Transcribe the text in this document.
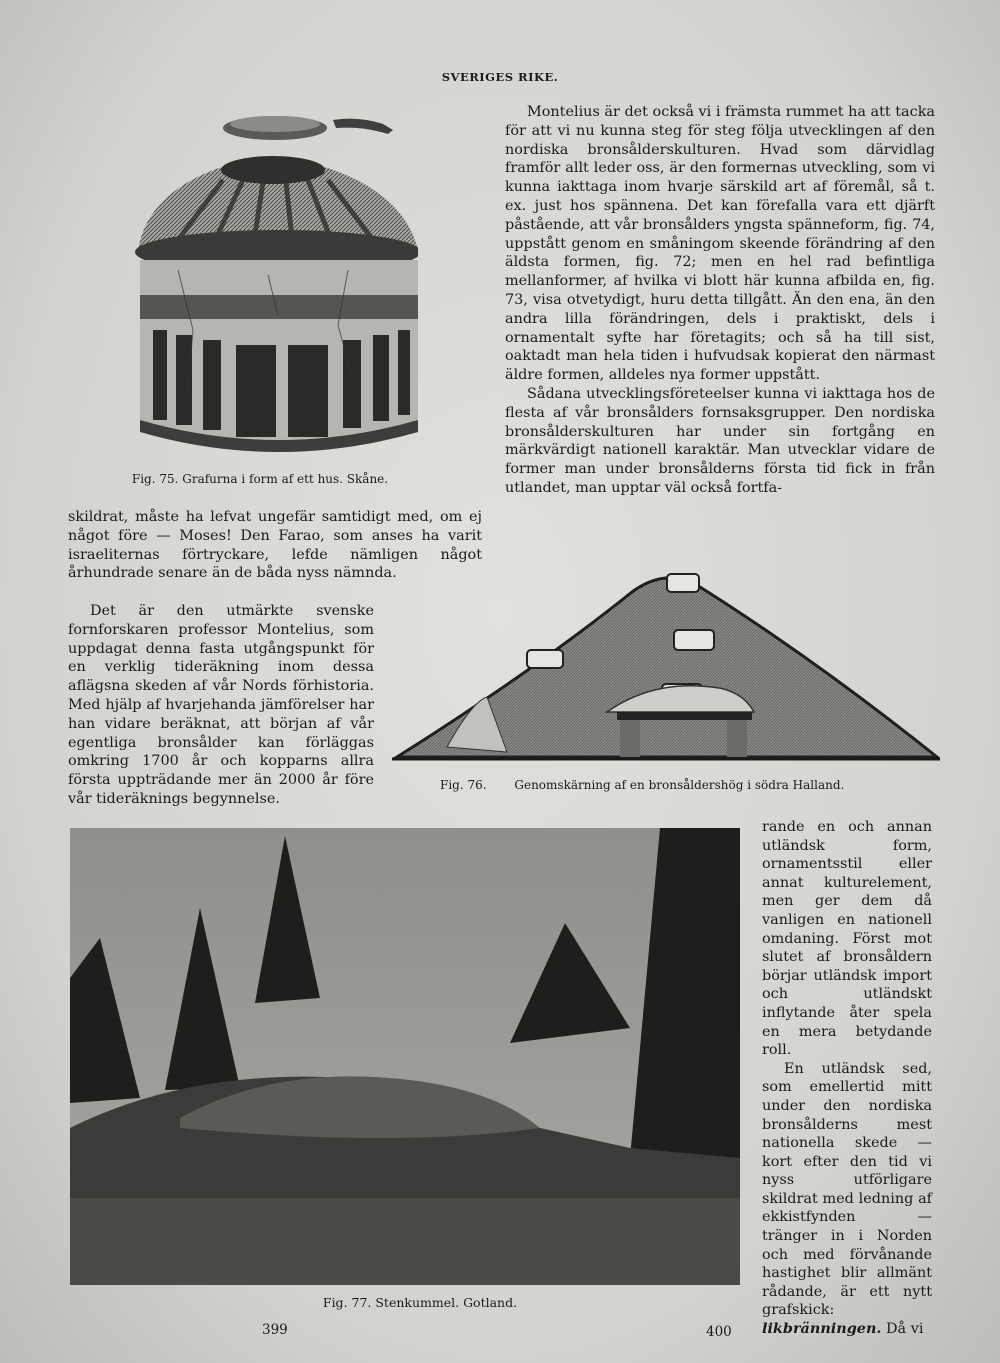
SVERIGES RIKE.
Fig. 75. Grafurna i form af ett hus. Skåne.

skildrat, måste ha lefvat ungefär samtidigt med, om ej något före — Moses! Den Farao, som anses ha varit israeliternas förtryckare, lefde nämligen något århundrade senare än de båda nyss nämnda.

Det är den utmärkte svenske fornforskaren professor Montelius, som uppdagat denna fasta utgångspunkt för en verklig tideräkning inom dessa aflägsna skeden af vår Nords förhistoria. Med hjälp af hvarjehanda jämförelser har han vidare beräknat, att början af vår egentliga bronsålder kan förläggas omkring 1700 år och kopparns allra första uppträdande mer än 2000 år före vår tideräknings begynnelse.

Montelius är det också vi i främsta rummet ha att tacka för att vi nu kunna steg för steg följa utvecklingen af den nordiska bronsålderskulturen. Hvad som därvidlag framför allt leder oss, är den formernas utveckling, som vi kunna iakttaga inom hvarje särskild art af föremål, så t. ex. just hos spännena. Det kan förefalla vara ett djärft påstående, att vår bronsålders yngsta spänneform, fig. 74, uppstått genom en småningom skeende förändring af den äldsta formen, fig. 72; men en hel rad befintliga mellanformer, af hvilka vi blott här kunna afbilda en, fig. 73, visa otvetydigt, huru detta tillgått. Än den ena, än den andra lilla förändringen, dels i praktiskt, dels i ornamentalt syfte har företagits; och så ha till sist, oaktadt man hela tiden i hufvudsak kopierat den närmast äldre formen, alldeles nya former uppstått.

Sådana utvecklingsföreteelser kunna vi iakttaga hos de flesta af vår bronsålders fornsaksgrupper. Den nordiska bronsålderskulturen har under sin fortgång en märkvärdigt nationell karaktär. Man utvecklar vidare de former man under bronsålderns första tid fick in från utlandet, man upptar väl också fortfa-

Fig. 76. Genomskärning af en bronsåldershög i södra Halland.
Fig. 77. Stenkummel. Gotland.

rande en och annan utländsk form, ornamentsstil eller annat kulturelement, men ger dem då vanligen en nationell omdaning. Först mot slutet af bronsåldern börjar utländsk import och utländskt inflytande åter spela en mera betydande roll.

En utländsk sed, som emellertid mitt under den nordiska bronsålderns mest nationella skede — kort efter den tid vi nyss utförligare skildrat med ledning af ekkistfynden — tränger in i Norden och med förvånande hastighet blir allmänt rådande, är ett nytt grafskick: likbränningen. Då vi

399	400
